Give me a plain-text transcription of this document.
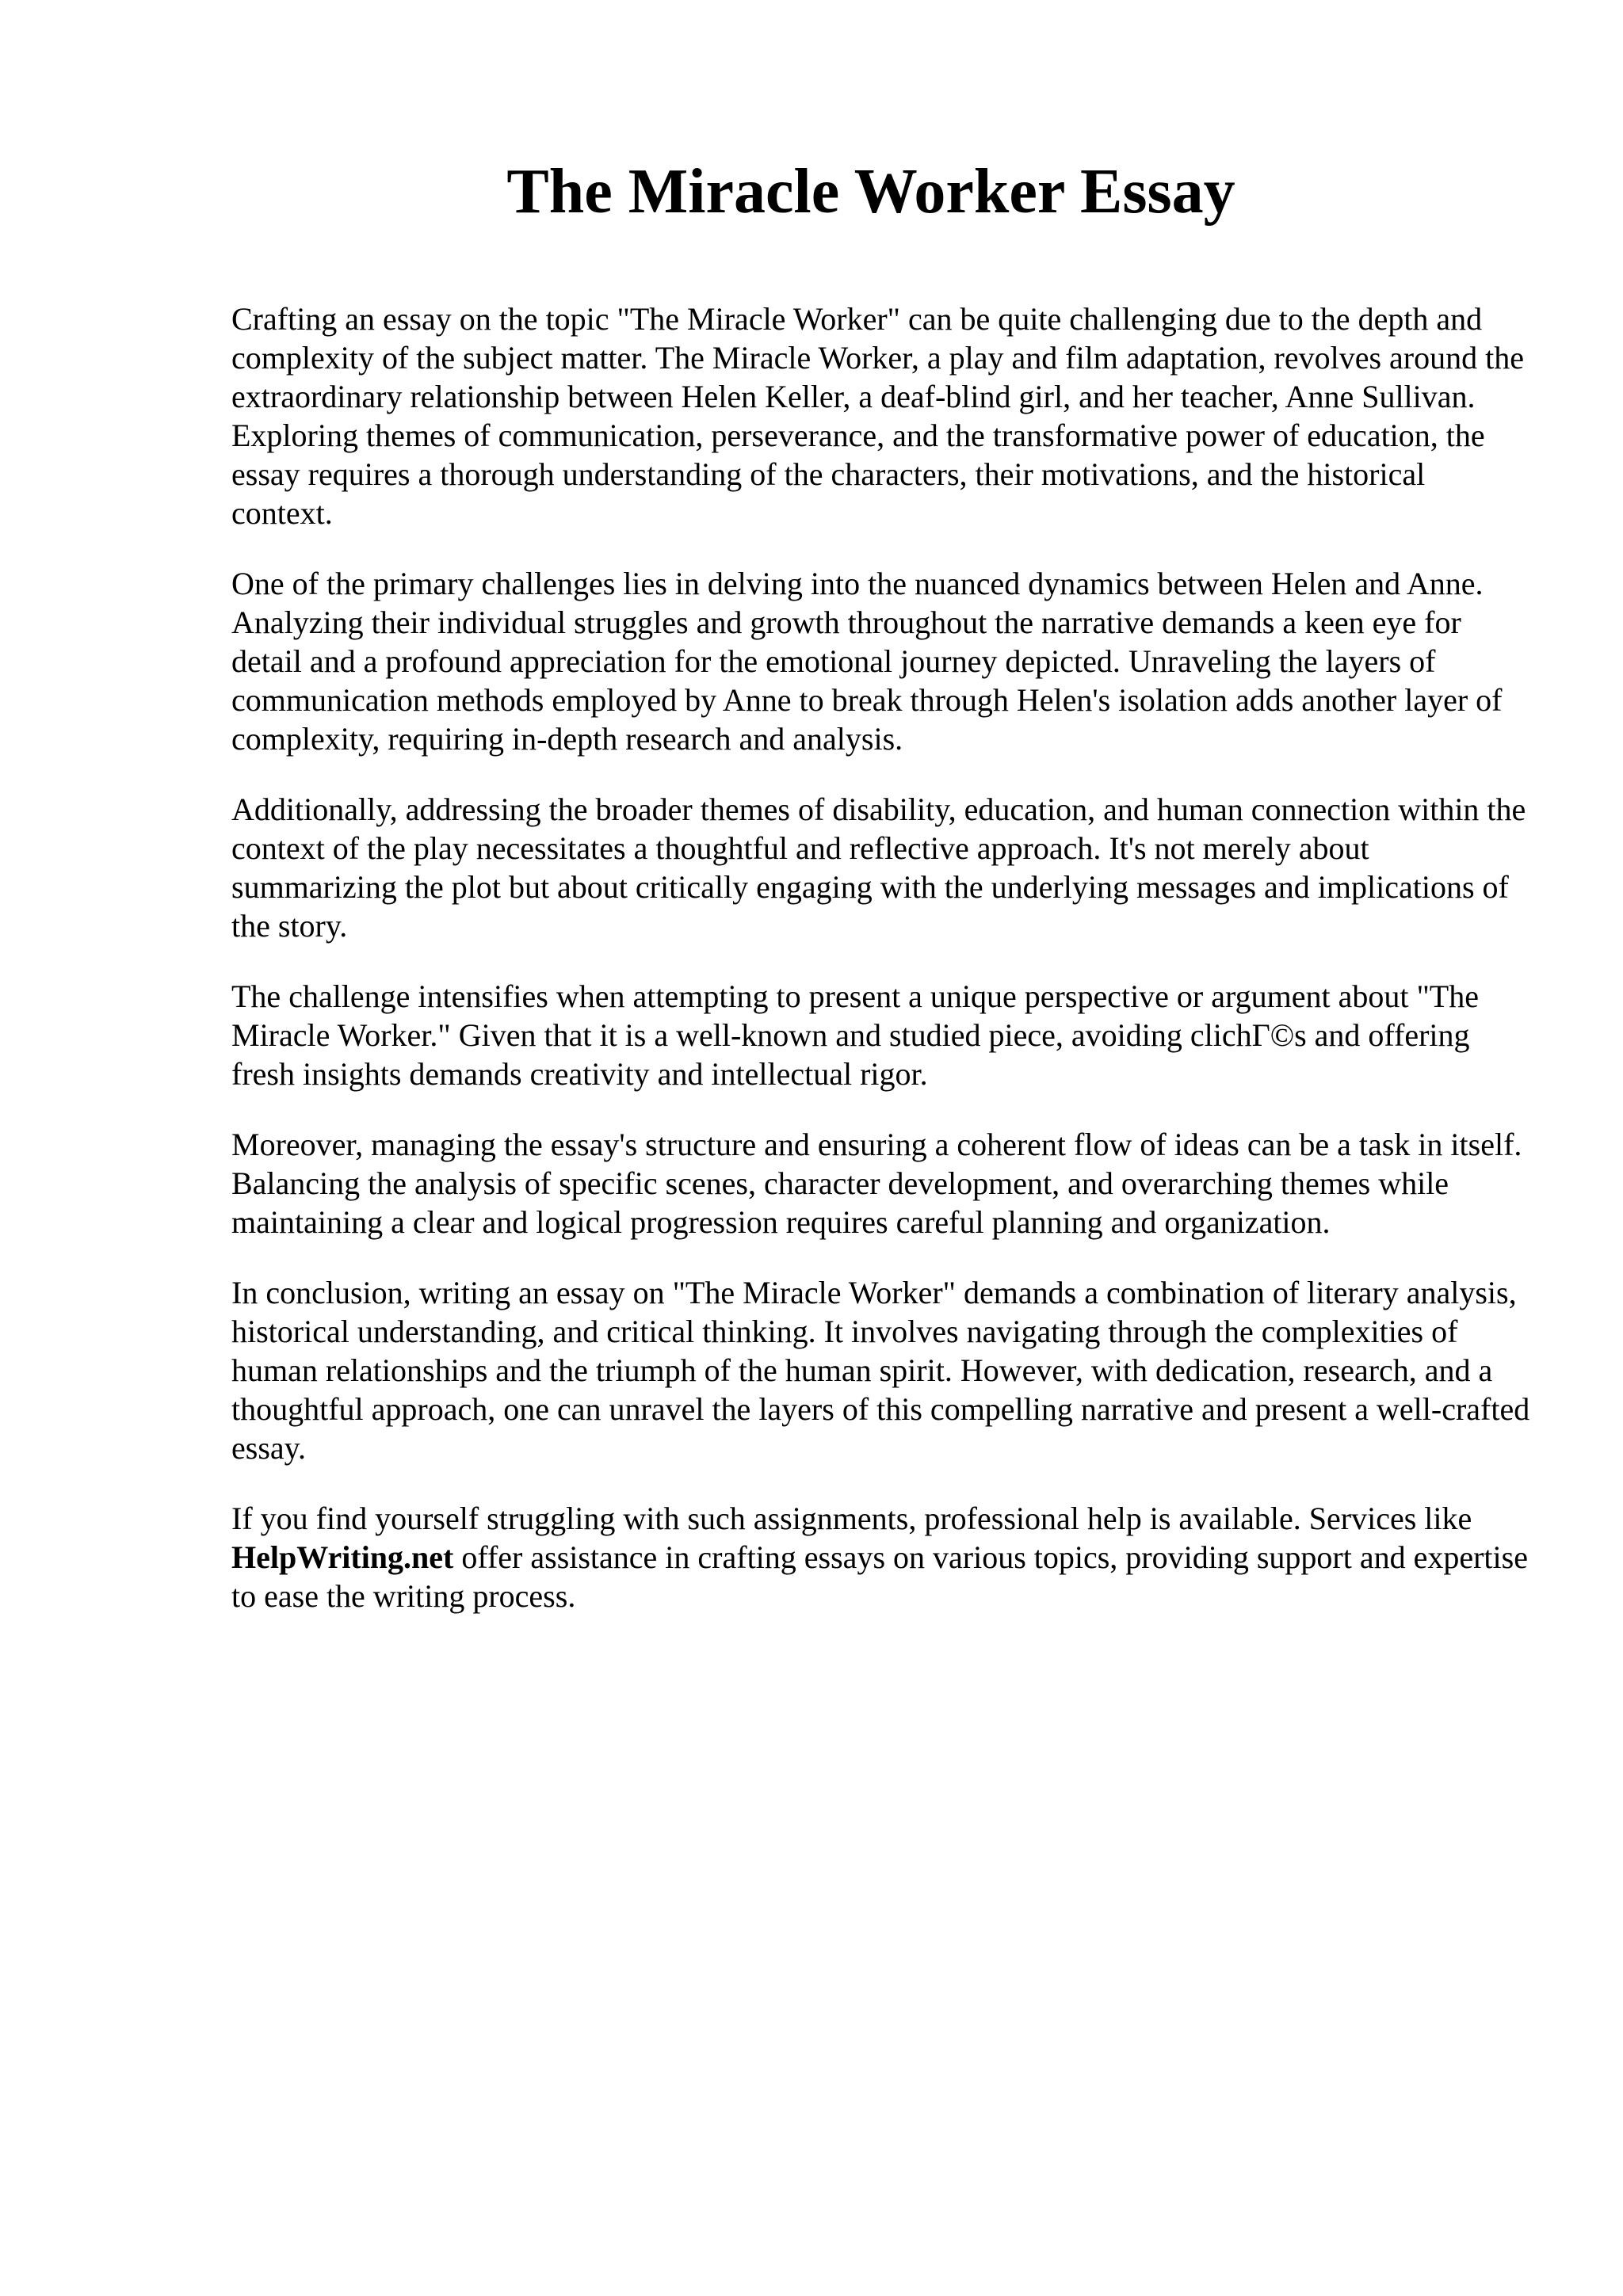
The Miracle Worker Essay

Crafting an essay on the topic "The Miracle Worker" can be quite challenging due to the depth and complexity of the subject matter. The Miracle Worker, a play and film adaptation, revolves around the extraordinary relationship between Helen Keller, a deaf-blind girl, and her teacher, Anne Sullivan. Exploring themes of communication, perseverance, and the transformative power of education, the essay requires a thorough understanding of the characters, their motivations, and the historical context.

One of the primary challenges lies in delving into the nuanced dynamics between Helen and Anne. Analyzing their individual struggles and growth throughout the narrative demands a keen eye for detail and a profound appreciation for the emotional journey depicted. Unraveling the layers of communication methods employed by Anne to break through Helen's isolation adds another layer of complexity, requiring in-depth research and analysis.

Additionally, addressing the broader themes of disability, education, and human connection within the context of the play necessitates a thoughtful and reflective approach. It's not merely about summarizing the plot but about critically engaging with the underlying messages and implications of the story.

The challenge intensifies when attempting to present a unique perspective or argument about "The Miracle Worker." Given that it is a well-known and studied piece, avoiding clichΓ©s and offering fresh insights demands creativity and intellectual rigor.

Moreover, managing the essay's structure and ensuring a coherent flow of ideas can be a task in itself. Balancing the analysis of specific scenes, character development, and overarching themes while maintaining a clear and logical progression requires careful planning and organization.

In conclusion, writing an essay on "The Miracle Worker" demands a combination of literary analysis, historical understanding, and critical thinking. It involves navigating through the complexities of human relationships and the triumph of the human spirit. However, with dedication, research, and a thoughtful approach, one can unravel the layers of this compelling narrative and present a well-crafted essay.

If you find yourself struggling with such assignments, professional help is available. Services like HelpWriting.net offer assistance in crafting essays on various topics, providing support and expertise to ease the writing process.
